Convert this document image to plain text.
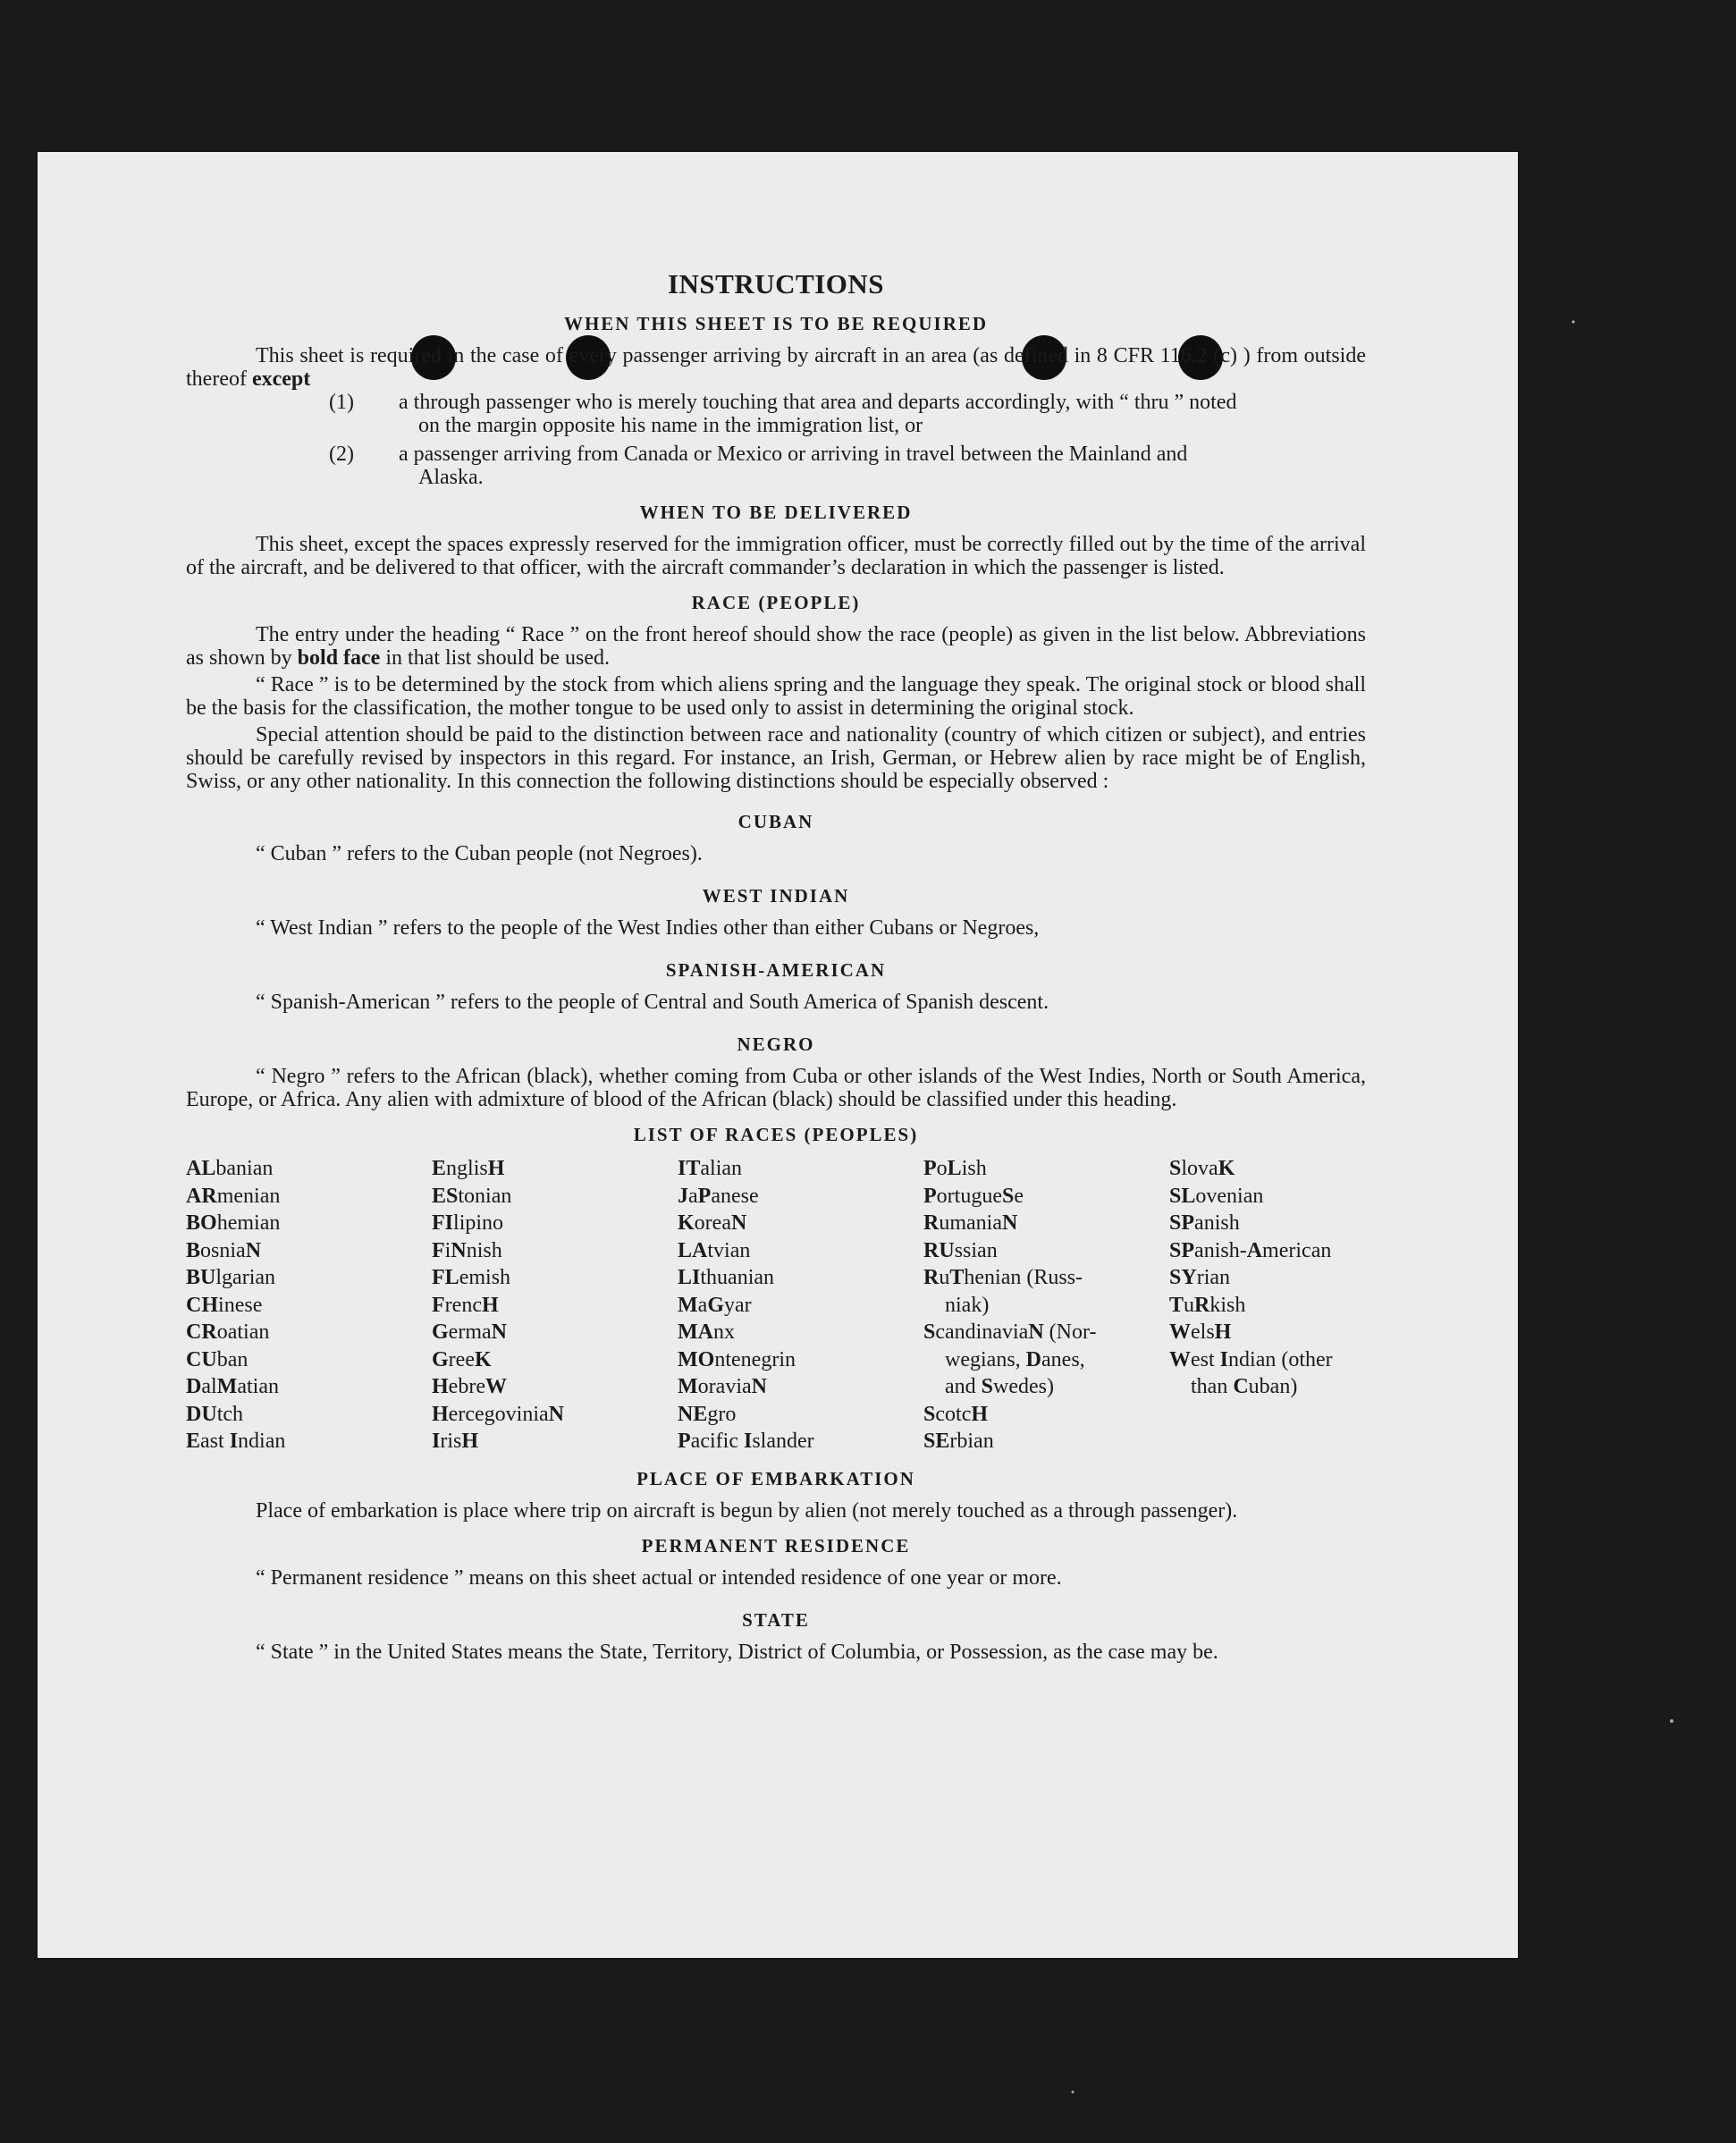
INSTRUCTIONS
WHEN THIS SHEET IS TO BE REQUIRED

This sheet is required in the case of every passenger arriving by aircraft in an area (as defined in 8 CFR 116.2 (c) ) from outside thereof except

(1) a through passenger who is merely touching that area and departs accordingly, with “ thru ” noted
on the margin opposite his name in the immigration list, or

(2) a passenger arriving from Canada or Mexico or arriving in travel between the Mainland and
Alaska.

WHEN TO BE DELIVERED

This sheet, except the spaces expressly reserved for the immigration officer, must be correctly filled out by the time of the arrival of the aircraft, and be delivered to that officer, with the aircraft commander’s declaration in which the passenger is listed.

RACE (PEOPLE)

The entry under the heading “ Race ” on the front hereof should show the race (people) as given in the list below. Abbreviations as shown by bold face in that list should be used.

“ Race ” is to be determined by the stock from which aliens spring and the language they speak. The original stock or blood shall be the basis for the classification, the mother tongue to be used only to assist in determining the original stock.

Special attention should be paid to the distinction between race and nationality (country of which citizen or subject), and entries should be carefully revised by inspectors in this regard. For instance, an Irish, German, or Hebrew alien by race might be of English, Swiss, or any other nationality. In this connection the following distinctions should be especially observed :

CUBAN

“ Cuban ” refers to the Cuban people (not Negroes).

WEST INDIAN

“ West Indian ” refers to the people of the West Indies other than either Cubans or Negroes,

SPANISH-AMERICAN

“ Spanish-American ” refers to the people of Central and South America of Spanish descent.

NEGRO

“ Negro ” refers to the African (black), whether coming from Cuba or other islands of the West Indies, North or South America, Europe, or Africa. Any alien with admixture of blood of the African (black) should be classified under this heading.

LIST OF RACES (PEOPLES)
ALbanian
ARmenian
BOhemian
BosniaN
BUlgarian
CHinese
CRoatian
CUban
DalMatian
DUtch
East Indian
EnglisH
EStonian
FIlipino
FiNnish
FLemish
FrencH
GermaN
GreeK
HebreW
HercegoviniaN
IrisH
ITalian
JaPanese
KoreaN
LAtvian
LIthuanian
MaGyar
MAnx
MOntenegrin
MoraviaN
NEgro
Pacific Islander
PoLish
PortugueSe
RumaniaN
RUssian
RuThenian (Russ-
niak)
ScandinaviaN (Nor-
wegians, Danes,
and Swedes)
ScotcH
SErbian
SlovaK
SLovenian
SPanish
SPanish-American
SYrian
TuRkish
WelsH
West Indian (other
than Cuban)
PLACE OF EMBARKATION

Place of embarkation is place where trip on aircraft is begun by alien (not merely touched as a through passenger).

PERMANENT RESIDENCE

“ Permanent residence ” means on this sheet actual or intended residence of one year or more.

STATE

“ State ” in the United States means the State, Territory, District of Columbia, or Possession, as the case may be.
